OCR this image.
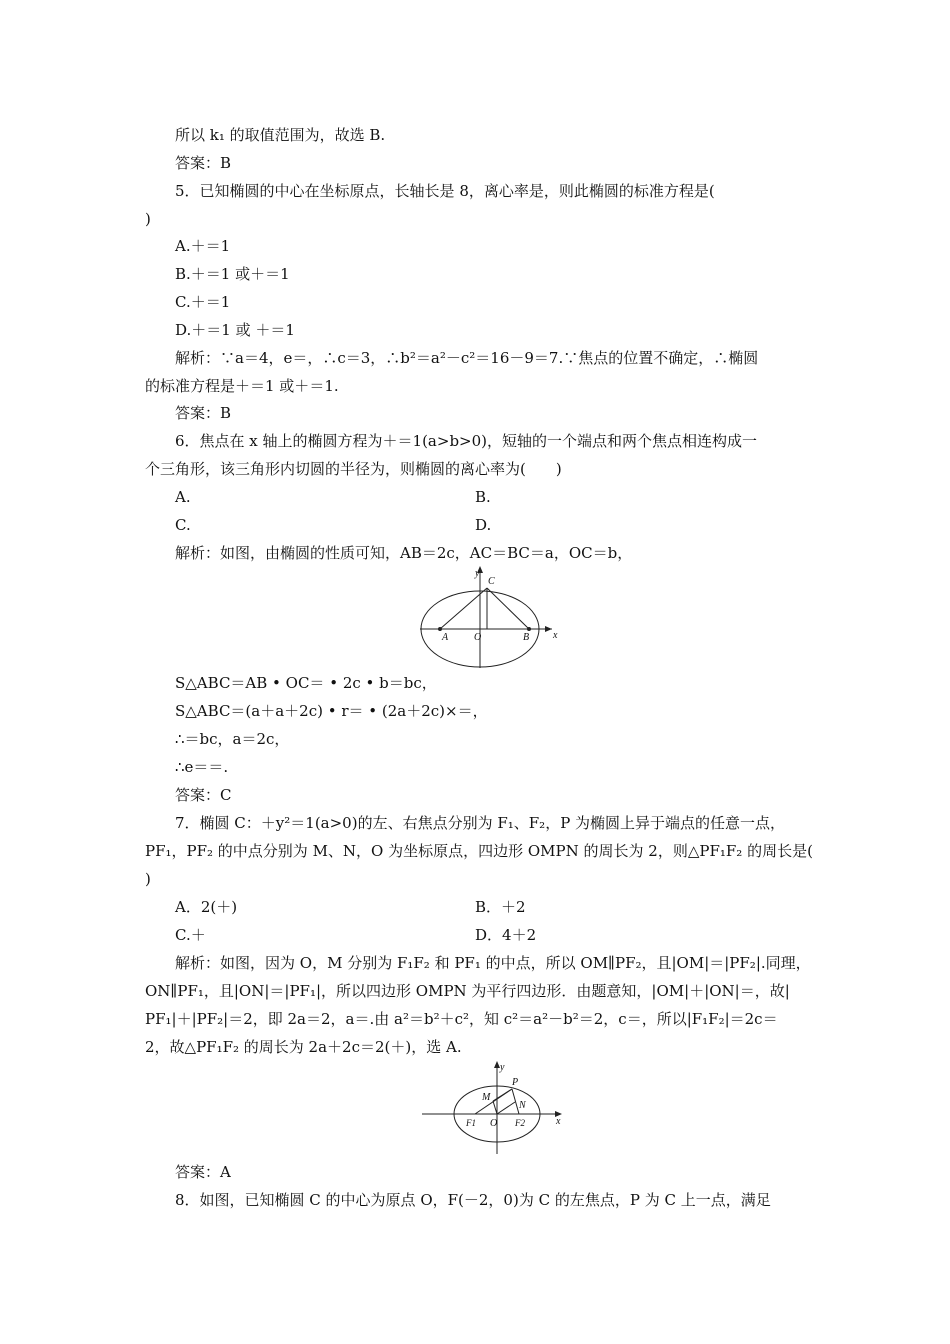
所以 k₁ 的取值范围为，故选 B.
答案：B
5．已知椭圆的中心在坐标原点，长轴长是 8，离心率是，则此椭圆的标准方程是(
)
A.＋＝1
B.＋＝1 或＋＝1
C.＋＝1
D.＋＝1 或 ＋＝1
解析：∵a＝4，e＝，∴c＝3，∴b²＝a²－c²＝16－9＝7.∵焦点的位置不确定，∴椭圆
的标准方程是＋＝1 或＋＝1.
答案：B
6．焦点在 x 轴上的椭圆方程为＋＝1(a>b>0)，短轴的一个端点和两个焦点相连构成一
个三角形，该三角形内切圆的半径为，则椭圆的离心率为(　　)
A.	B.
C.	D.
解析：如图，由椭圆的性质可知，AB＝2c，AC＝BC＝a，OC＝b，
y
C
A	O	B x
S△ABC＝AB • OC＝ • 2c • b＝bc，
S△ABC＝(a＋a＋2c) • r＝ • (2a＋2c)×＝，
∴＝bc，a＝2c，
∴e＝＝.
答案：C
7．椭圆 C：＋y²＝1(a>0)的左、右焦点分别为 F₁、F₂，P 为椭圆上异于端点的任意一点，
PF₁，PF₂ 的中点分别为 M、N，O 为坐标原点，四边形 OMPN 的周长为 2，则△PF₁F₂ 的周长是(
)
A．2(＋)	B．＋2
C.＋	D．4＋2
解析：如图，因为 O，M 分别为 F₁F₂ 和 PF₁ 的中点，所以 OM∥PF₂，且|OM|＝|PF₂|.同理，
ON∥PF₁，且|ON|＝|PF₁|，所以四边形 OMPN 为平行四边形．由题意知，|OM|＋|ON|＝，故|
PF₁|＋|PF₂|＝2，即 2a＝2，a＝.由 a²＝b²＋c²，知 c²＝a²－b²＝2，c＝，所以|F₁F₂|＝2c＝
2，故△PF₁F₂ 的周长为 2a＋2c＝2(＋)，选 A.
y
P
M
N
F1 O F2	x
答案：A
8．如图，已知椭圆 C 的中心为原点 O，F(－2，0)为 C 的左焦点，P 为 C 上一点，满足
